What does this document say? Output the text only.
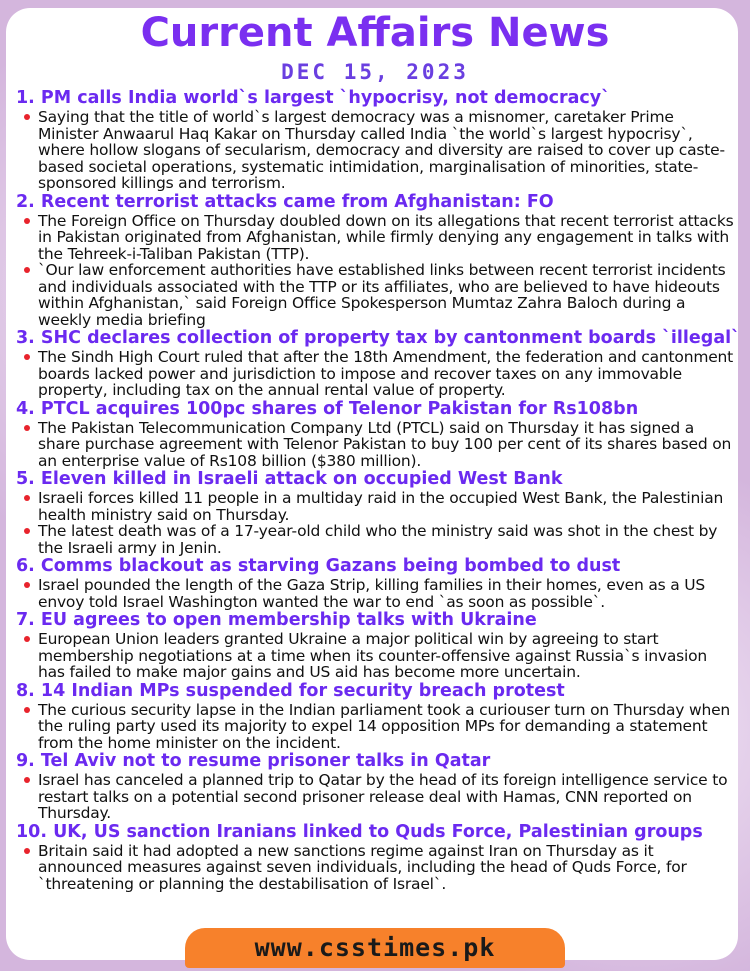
Current Affairs News
DEC 15, 2023
1. PM calls India world`s largest `hypocrisy, not democracy`
Saying that the title of world`s largest democracy was a misnomer, caretaker Prime Minister Anwaarul Haq Kakar on Thursday called India `the world`s largest hypocrisy`, where hollow slogans of secularism, democracy and diversity are raised to cover up caste-based societal operations, systematic intimidation, marginalisation of minorities, state-sponsored killings and terrorism.
2. Recent terrorist attacks came from Afghanistan: FO
The Foreign Office on Thursday doubled down on its allegations that recent terrorist attacks in Pakistan originated from Afghanistan, while firmly denying any engagement in talks with the Tehreek-i-Taliban Pakistan (TTP).
`Our law enforcement authorities have established links between recent terrorist incidents and individuals associated with the TTP or its affiliates, who are believed to have hideouts within Afghanistan,` said Foreign Office Spokesperson Mumtaz Zahra Baloch during a weekly media briefing
3. SHC declares collection of property tax by cantonment boards `illegal`
The Sindh High Court ruled that after the 18th Amendment, the federation and cantonment boards lacked power and jurisdiction to impose and recover taxes on any immovable property, including tax on the annual rental value of property.
4. PTCL acquires 100pc shares of Telenor Pakistan for Rs108bn
The Pakistan Telecommunication Company Ltd (PTCL) said on Thursday it has signed a share purchase agreement with Telenor Pakistan to buy 100 per cent of its shares based on an enterprise value of Rs108 billion ($380 million).
5. Eleven killed in Israeli attack on occupied West Bank
Israeli forces killed 11 people in a multiday raid in the occupied West Bank, the Palestinian health ministry said on Thursday.
The latest death was of a 17-year-old child who the ministry said was shot in the chest by the Israeli army in Jenin.
6. Comms blackout as starving Gazans being bombed to dust
Israel pounded the length of the Gaza Strip, killing families in their homes, even as a US envoy told Israel Washington wanted the war to end `as soon as possible`.
7. EU agrees to open membership talks with Ukraine
European Union leaders granted Ukraine a major political win by agreeing to start membership negotiations at a time when its counter-offensive against Russia`s invasion has failed to make major gains and US aid has become more uncertain.
8. 14 Indian MPs suspended for security breach protest
The curious security lapse in the Indian parliament took a curiouser turn on Thursday when the ruling party used its majority to expel 14 opposition MPs for demanding a statement from the home minister on the incident.
9. Tel Aviv not to resume prisoner talks in Qatar
Israel has canceled a planned trip to Qatar by the head of its foreign intelligence service to restart talks on a potential second prisoner release deal with Hamas, CNN reported on Thursday.
10. UK, US sanction Iranians linked to Quds Force, Palestinian groups
Britain said it had adopted a new sanctions regime against Iran on Thursday as it announced measures against seven individuals, including the head of Quds Force, for `threatening or planning the destabilisation of Israel`.
www.csstimes.pk
